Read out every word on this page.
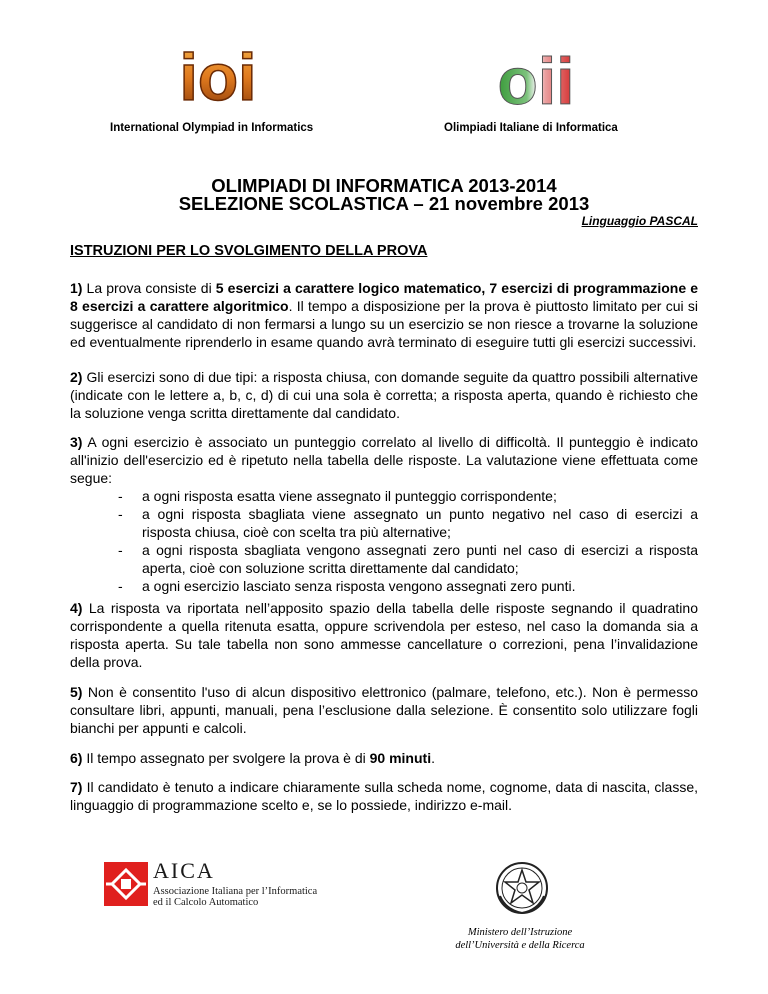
ioi	oii
International Olympiad in Informatics	Olimpiadi Italiane di Informatica
OLIMPIADI DI INFORMATICA 2013-2014
SELEZIONE SCOLASTICA – 21 novembre 2013
Linguaggio PASCAL
ISTRUZIONI PER LO SVOLGIMENTO DELLA PROVA
1) La prova consiste di 5 esercizi a carattere logico matematico, 7 esercizi di programmazione e 8 esercizi a carattere algoritmico. Il tempo a disposizione per la prova è piuttosto limitato per cui si suggerisce al candidato di non fermarsi a lungo su un esercizio se non riesce a trovarne la soluzione ed eventualmente riprenderlo in esame quando avrà terminato di eseguire tutti gli esercizi successivi.
2) Gli esercizi sono di due tipi: a risposta chiusa, con domande seguite da quattro possibili alternative (indicate con le lettere a, b, c, d) di cui una sola è corretta; a risposta aperta, quando è richiesto che la soluzione venga scritta direttamente dal candidato.
3) A ogni esercizio è associato un punteggio correlato al livello di difficoltà. Il punteggio è indicato all'inizio dell'esercizio ed è ripetuto nella tabella delle risposte. La valutazione viene effettuata come segue:
- a ogni risposta esatta viene assegnato il punteggio corrispondente;
- a ogni risposta sbagliata viene assegnato un punto negativo nel caso di esercizi a risposta chiusa, cioè con scelta tra più alternative;
- a ogni risposta sbagliata vengono assegnati zero punti nel caso di esercizi a risposta aperta, cioè con soluzione scritta direttamente dal candidato;
- a ogni esercizio lasciato senza risposta vengono assegnati zero punti.
4) La risposta va riportata nell’apposito spazio della tabella delle risposte segnando il quadratino corrispondente a quella ritenuta esatta, oppure scrivendola per esteso, nel caso la domanda sia a risposta aperta. Su tale tabella non sono ammesse cancellature o correzioni, pena l’invalidazione della prova.
5) Non è consentito l'uso di alcun dispositivo elettronico (palmare, telefono, etc.). Non è permesso consultare libri, appunti, manuali, pena l’esclusione dalla selezione. È consentito solo utilizzare fogli bianchi per appunti e calcoli.
6) Il tempo assegnato per svolgere la prova è di 90 minuti.
7) Il candidato è tenuto a indicare chiaramente sulla scheda nome, cognome, data di nascita, classe, linguaggio di programmazione scelto e, se lo possiede, indirizzo e-mail.
AICA
Associazione Italiana per l’Informatica
ed il Calcolo Automatico
Ministero dell’Istruzione
dell’Università e della Ricerca
